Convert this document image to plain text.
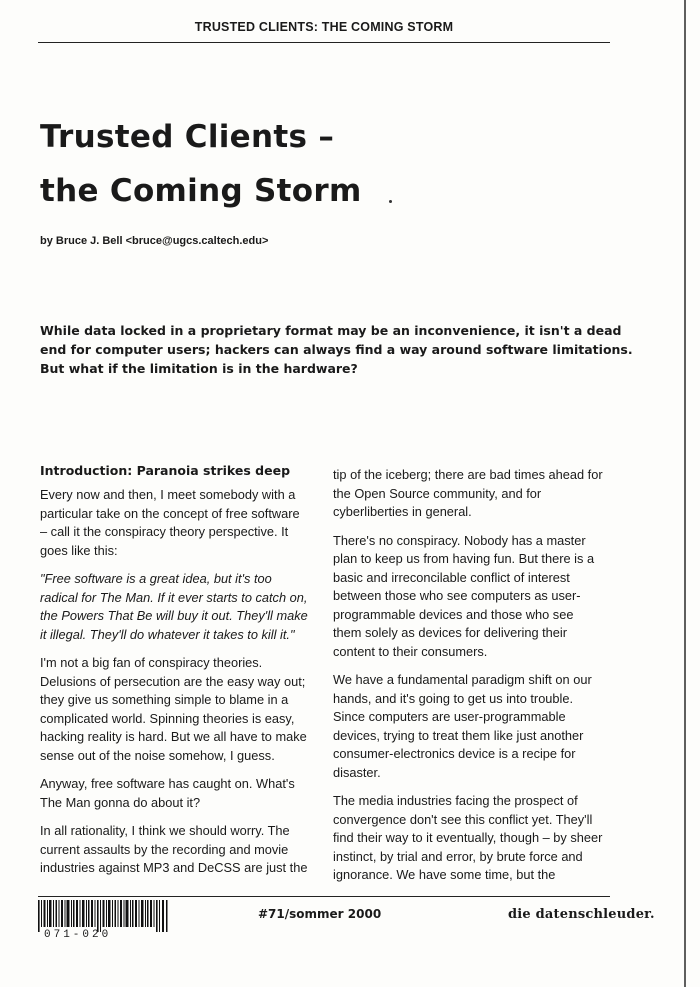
TRUSTED CLIENTS: THE COMING STORM
Trusted Clients –
the Coming Storm
by Bruce J. Bell <bruce@ugcs.caltech.edu>

While data locked in a proprietary format may be an inconvenience, it isn't a dead end for computer users; hackers can always find a way around software limitations. But what if the limitation is in the hardware?

Introduction: Paranoia strikes deep

Every now and then, I meet somebody with a particular take on the concept of free software – call it the conspiracy theory perspective. It goes like this:

"Free software is a great idea, but it's too radical for The Man. If it ever starts to catch on, the Powers That Be will buy it out. They'll make it illegal. They'll do whatever it takes to kill it."

I'm not a big fan of conspiracy theories. Delusions of persecution are the easy way out; they give us something simple to blame in a complicated world. Spinning theories is easy, hacking reality is hard. But we all have to make sense out of the noise somehow, I guess.

Anyway, free software has caught on. What's The Man gonna do about it?

In all rationality, I think we should worry. The current assaults by the recording and movie industries against MP3 and DeCSS are just the

tip of the iceberg; there are bad times ahead for the Open Source community, and for cyberliberties in general.

There's no conspiracy. Nobody has a master plan to keep us from having fun. But there is a basic and irreconcilable conflict of interest between those who see computers as user-programmable devices and those who see them solely as devices for delivering their content to their consumers.

We have a fundamental paradigm shift on our hands, and it's going to get us into trouble. Since computers are user-programmable devices, trying to treat them like just another consumer-electronics device is a recipe for disaster.

The media industries facing the prospect of convergence don't see this conflict yet. They'll find their way to it eventually, though – by sheer instinct, by trial and error, by brute force and ignorance. We have some time, but the

071-020
#71/sommer 2000	die datenschleuder.
